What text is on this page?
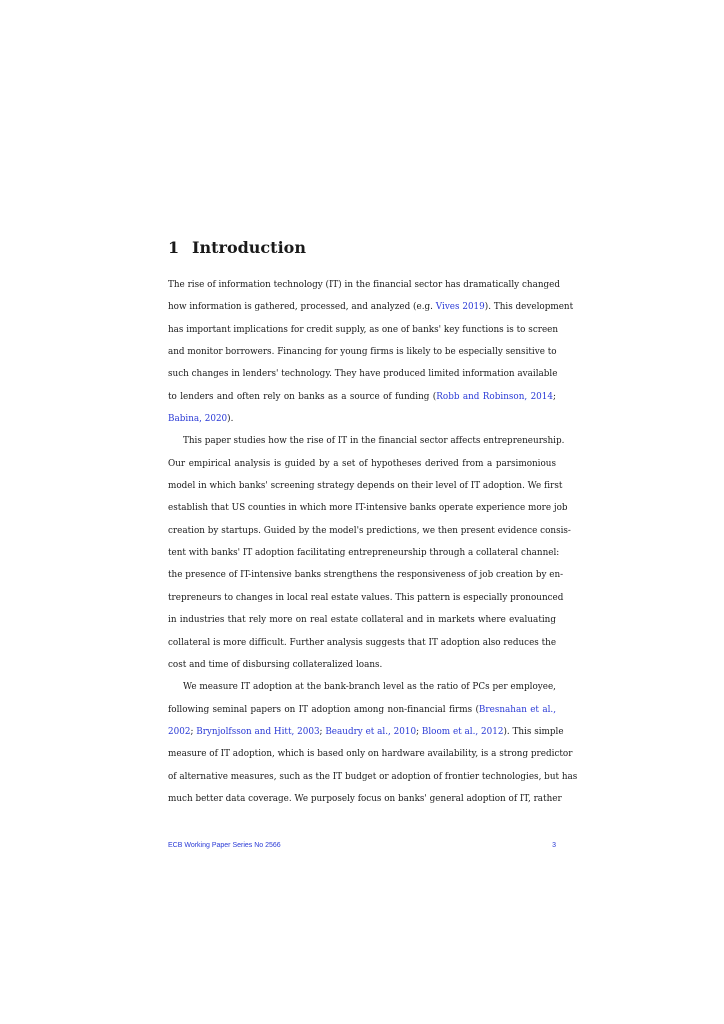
1 Introduction
The rise of information technology (IT) in the financial sector has dramatically changed
how information is gathered, processed, and analyzed (e.g. Vives 2019). This development
has important implications for credit supply, as one of banks' key functions is to screen
and monitor borrowers. Financing for young firms is likely to be especially sensitive to
such changes in lenders' technology. They have produced limited information available
to lenders and often rely on banks as a source of funding (Robb and Robinson, 2014;
Babina, 2020).
This paper studies how the rise of IT in the financial sector affects entrepreneurship.
Our empirical analysis is guided by a set of hypotheses derived from a parsimonious
model in which banks' screening strategy depends on their level of IT adoption. We first
establish that US counties in which more IT-intensive banks operate experience more job
creation by startups. Guided by the model's predictions, we then present evidence consis-
tent with banks' IT adoption facilitating entrepreneurship through a collateral channel:
the presence of IT-intensive banks strengthens the responsiveness of job creation by en-
trepreneurs to changes in local real estate values. This pattern is especially pronounced
in industries that rely more on real estate collateral and in markets where evaluating
collateral is more difficult. Further analysis suggests that IT adoption also reduces the
cost and time of disbursing collateralized loans.
We measure IT adoption at the bank-branch level as the ratio of PCs per employee,
following seminal papers on IT adoption among non-financial firms (Bresnahan et al.,
2002; Brynjolfsson and Hitt, 2003; Beaudry et al., 2010; Bloom et al., 2012). This simple
measure of IT adoption, which is based only on hardware availability, is a strong predictor
of alternative measures, such as the IT budget or adoption of frontier technologies, but has
much better data coverage. We purposely focus on banks' general adoption of IT, rather
ECB Working Paper Series No 2566	3
